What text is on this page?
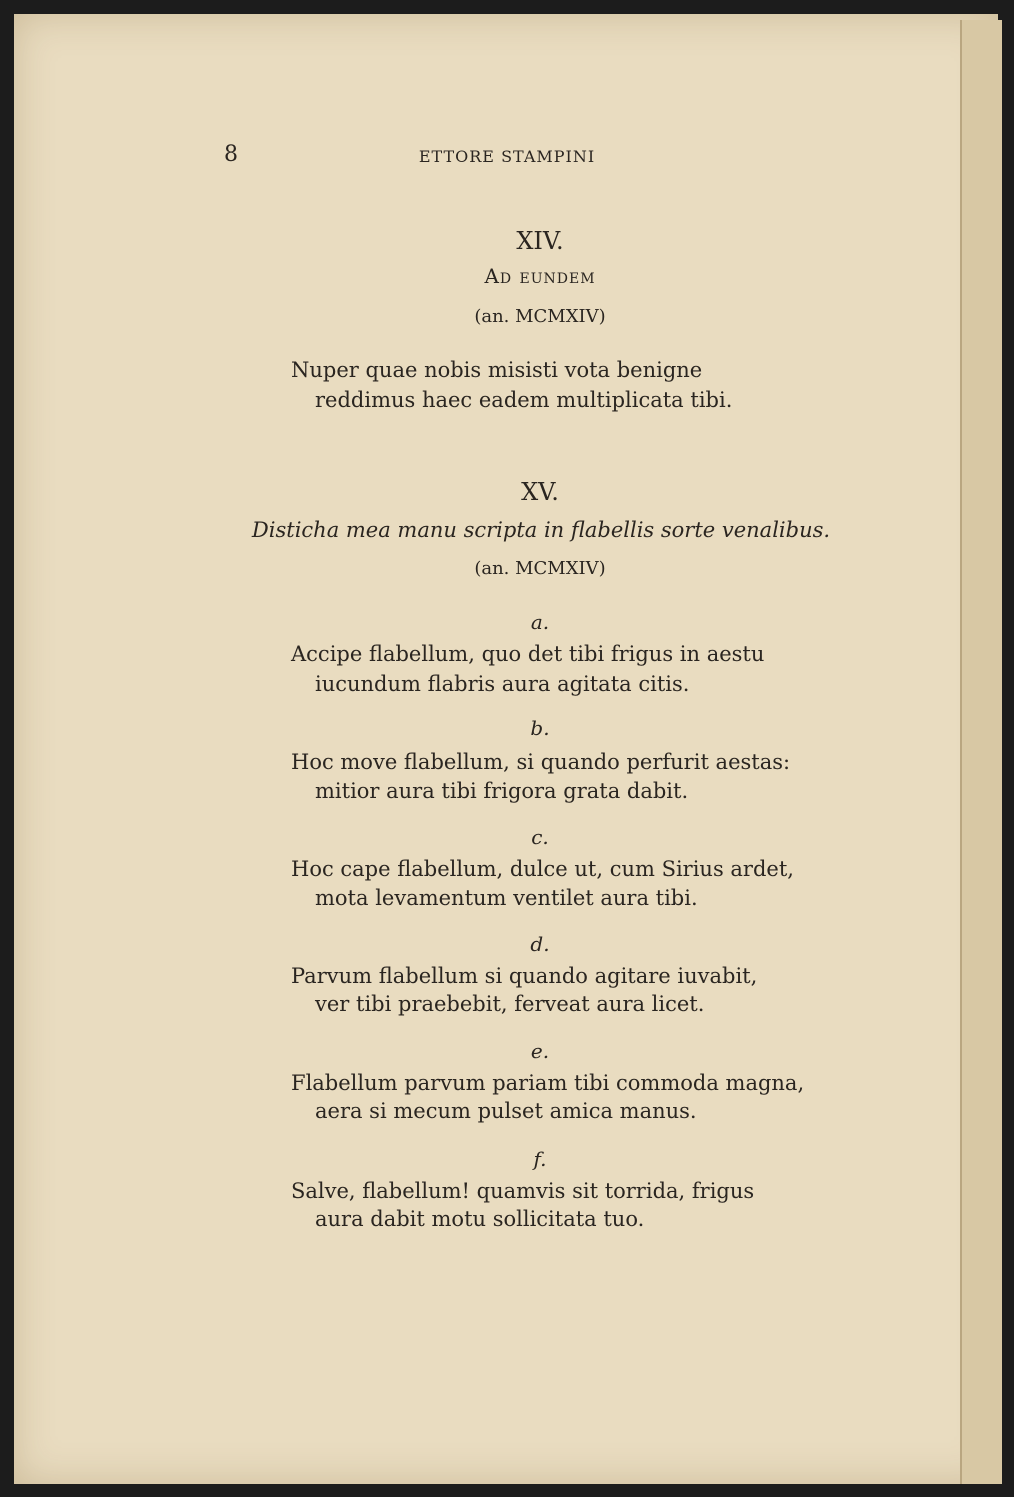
8	ETTORE STAMPINI
XIV.
Ad eundem
(an. MCMXIV)
Nuper quae nobis misisti vota benigne
reddimus haec eadem multiplicata tibi.
XV.
Disticha mea manu scripta in flabellis sorte venalibus.
(an. MCMXIV)
a.
Accipe flabellum, quo det tibi frigus in aestu
iucundum flabris aura agitata citis.
b.
Hoc move flabellum, si quando perfurit aestas:
mitior aura tibi frigora grata dabit.
c.
Hoc cape flabellum, dulce ut, cum Sirius ardet,
mota levamentum ventilet aura tibi.
d.
Parvum flabellum si quando agitare iuvabit,
ver tibi praebebit, ferveat aura licet.
e.
Flabellum parvum pariam tibi commoda magna,
aera si mecum pulset amica manus.
f.
Salve, flabellum! quamvis sit torrida, frigus
aura dabit motu sollicitata tuo.
